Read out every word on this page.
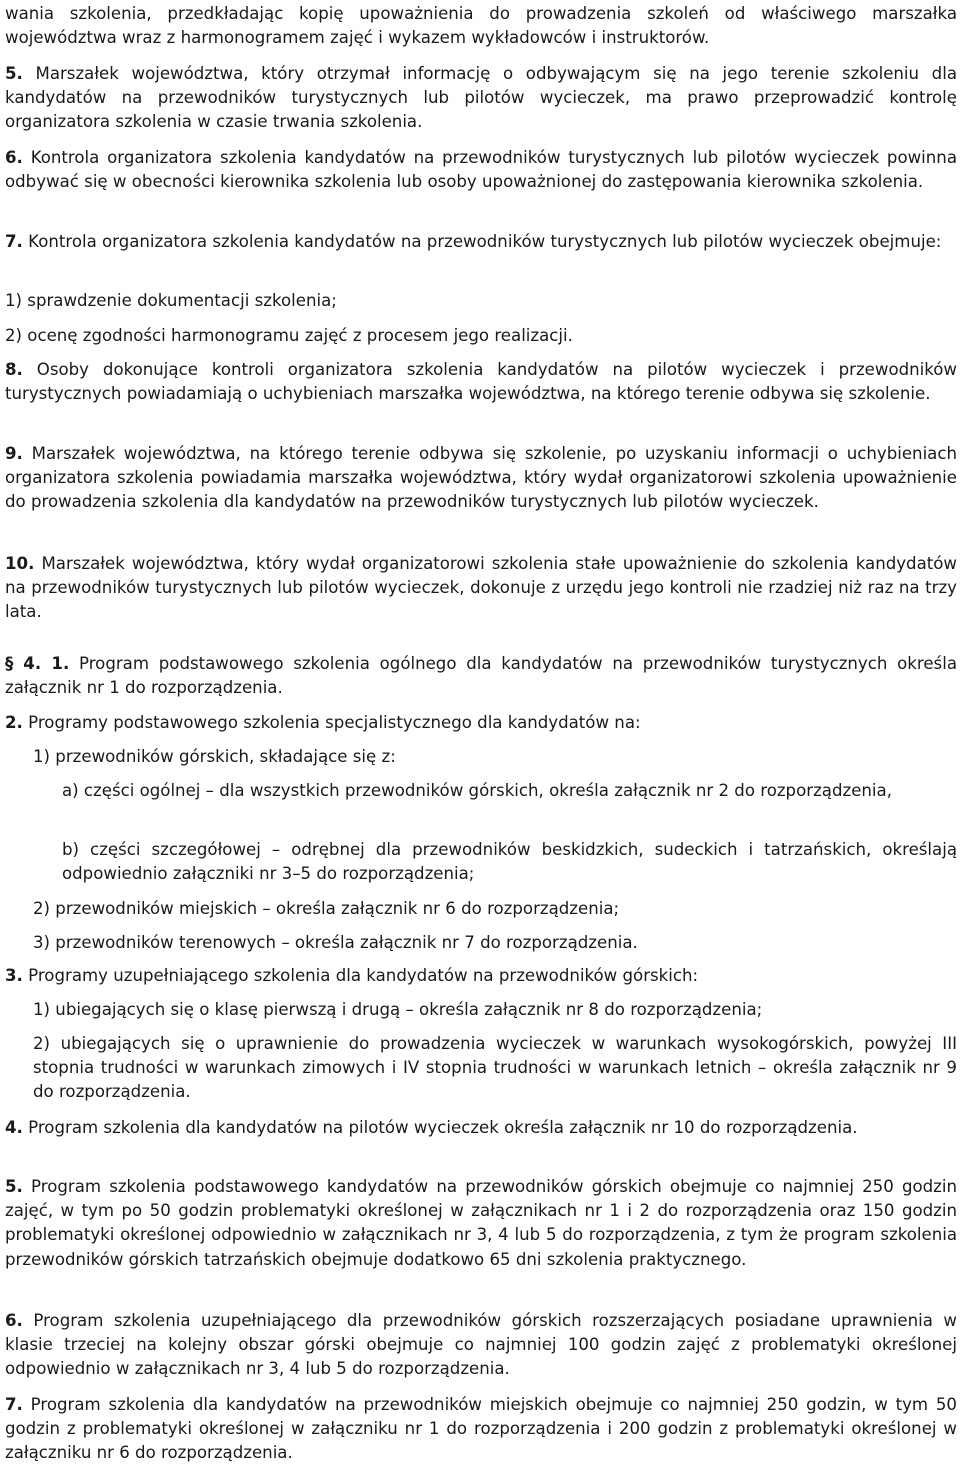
wania szkolenia, przedkładając kopię upoważnienia do prowadzenia szkoleń od właściwego marszałka województwa wraz z harmonogramem zajęć i wykazem wykładowców i instruktorów.

5. Marszałek województwa, który otrzymał informację o odbywającym się na jego terenie szkoleniu dla kandydatów na przewodników turystycznych lub pilotów wycieczek, ma prawo przeprowadzić kontrolę organizatora szkolenia w czasie trwania szkolenia.

6. Kontrola organizatora szkolenia kandydatów na przewodników turystycznych lub pilotów wycieczek powinna odbywać się w obecności kierownika szkolenia lub osoby upoważnionej do zastępowania kierownika szkolenia.

7. Kontrola organizatora szkolenia kandydatów na przewodników turystycznych lub pilotów wycieczek obejmuje:

1) sprawdzenie dokumentacji szkolenia;

2) ocenę zgodności harmonogramu zajęć z procesem jego realizacji.

8. Osoby dokonujące kontroli organizatora szkolenia kandydatów na pilotów wycieczek i przewodników turystycznych powiadamiają o uchybieniach marszałka województwa, na którego terenie odbywa się szkolenie.

9. Marszałek województwa, na którego terenie odbywa się szkolenie, po uzyskaniu informacji o uchybieniach organizatora szkolenia powiadamia marszałka województwa, który wydał organizatorowi szkolenia upoważnienie do prowadzenia szkolenia dla kandydatów na przewodników turystycznych lub pilotów wycieczek.

10. Marszałek województwa, który wydał organizatorowi szkolenia stałe upoważnienie do szkolenia kandydatów na przewodników turystycznych lub pilotów wycieczek, dokonuje z urzędu jego kontroli nie rzadziej niż raz na trzy lata.

§ 4. 1. Program podstawowego szkolenia ogólnego dla kandydatów na przewodników turystycznych określa załącznik nr 1 do rozporządzenia.

2. Programy podstawowego szkolenia specjalistycznego dla kandydatów na:

1) przewodników górskich, składające się z:

a) części ogólnej – dla wszystkich przewodników górskich, określa załącznik nr 2 do rozporządzenia,

b) części szczegółowej – odrębnej dla przewodników beskidzkich, sudeckich i tatrzańskich, określają odpowiednio załączniki nr 3–5 do rozporządzenia;

2) przewodników miejskich – określa załącznik nr 6 do rozporządzenia;

3) przewodników terenowych – określa załącznik nr 7 do rozporządzenia.

3. Programy uzupełniającego szkolenia dla kandydatów na przewodników górskich:

1) ubiegających się o klasę pierwszą i drugą – określa załącznik nr 8 do rozporządzenia;

2) ubiegających się o uprawnienie do prowadzenia wycieczek w warunkach wysokogórskich, powyżej III stopnia trudności w warunkach zimowych i IV stopnia trudności w warunkach letnich – określa załącznik nr 9 do rozporządzenia.

4. Program szkolenia dla kandydatów na pilotów wycieczek określa załącznik nr 10 do rozporządzenia.

5. Program szkolenia podstawowego kandydatów na przewodników górskich obejmuje co najmniej 250 godzin zajęć, w tym po 50 godzin problematyki określonej w załącznikach nr 1 i 2 do rozporządzenia oraz 150 godzin problematyki określonej odpowiednio w załącznikach nr 3, 4 lub 5 do rozporządzenia, z tym że program szkolenia przewodników górskich tatrzańskich obejmuje dodatkowo 65 dni szkolenia praktycznego.

6. Program szkolenia uzupełniającego dla przewodników górskich rozszerzających posiadane uprawnienia w klasie trzeciej na kolejny obszar górski obejmuje co najmniej 100 godzin zajęć z problematyki określonej odpowiednio w załącznikach nr 3, 4 lub 5 do rozporządzenia.

7. Program szkolenia dla kandydatów na przewodników miejskich obejmuje co najmniej 250 godzin, w tym 50 godzin z problematyki określonej w załączniku nr 1 do rozporządzenia i 200 godzin z problematyki określonej w załączniku nr 6 do rozporządzenia.
